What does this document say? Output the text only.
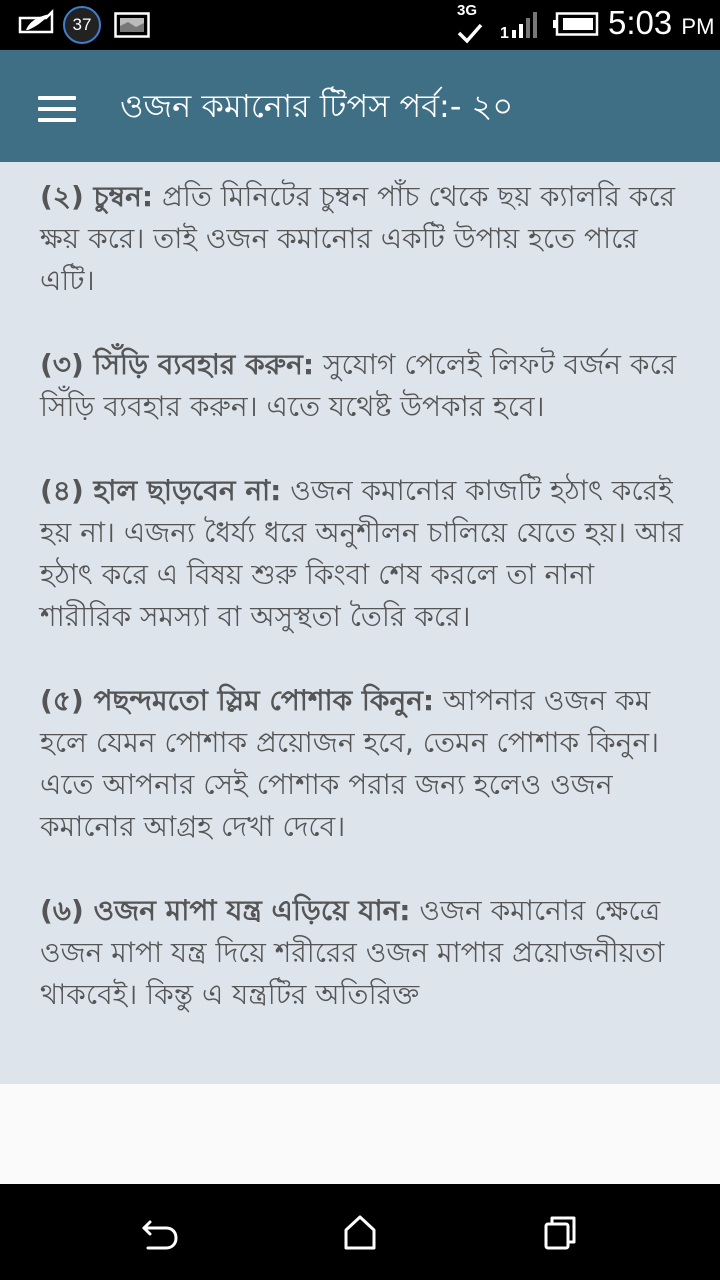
37
3G
1	5:03 PM
ওজন কমানোর টিপস পর্ব:- ২০

(২) চুম্বন: প্রতি মিনিটের চুম্বন পাঁচ থেকে ছয় ক্যালরি করে ক্ষয় করে। তাই ওজন কমানোর একটি উপায় হতে পারে এটি।

(৩) সিঁড়ি ব্যবহার করুন: সুযোগ পেলেই লিফট বর্জন করে সিঁড়ি ব্যবহার করুন। এতে যথেষ্ট উপকার হবে।

(৪) হাল ছাড়বেন না: ওজন কমানোর কাজটি হঠাৎ করেই হয় না। এজন্য ধৈর্য্য ধরে অনুশীলন চালিয়ে যেতে হয়। আর হঠাৎ করে এ বিষয় শুরু কিংবা শেষ করলে তা নানা শারীরিক সমস্যা বা অসুস্থতা তৈরি করে।

(৫) পছন্দমতো স্লিম পোশাক কিনুন: আপনার ওজন কম হলে যেমন পোশাক প্রয়োজন হবে, তেমন পোশাক কিনুন। এতে আপনার সেই পোশাক পরার জন্য হলেও ওজন কমানোর আগ্রহ দেখা দেবে।

(৬) ওজন মাপা যন্ত্র এড়িয়ে যান: ওজন কমানোর ক্ষেত্রে ওজন মাপা যন্ত্র দিয়ে শরীরের ওজন মাপার প্রয়োজনীয়তা থাকবেই। কিন্তু এ যন্ত্রটির অতিরিক্ত
